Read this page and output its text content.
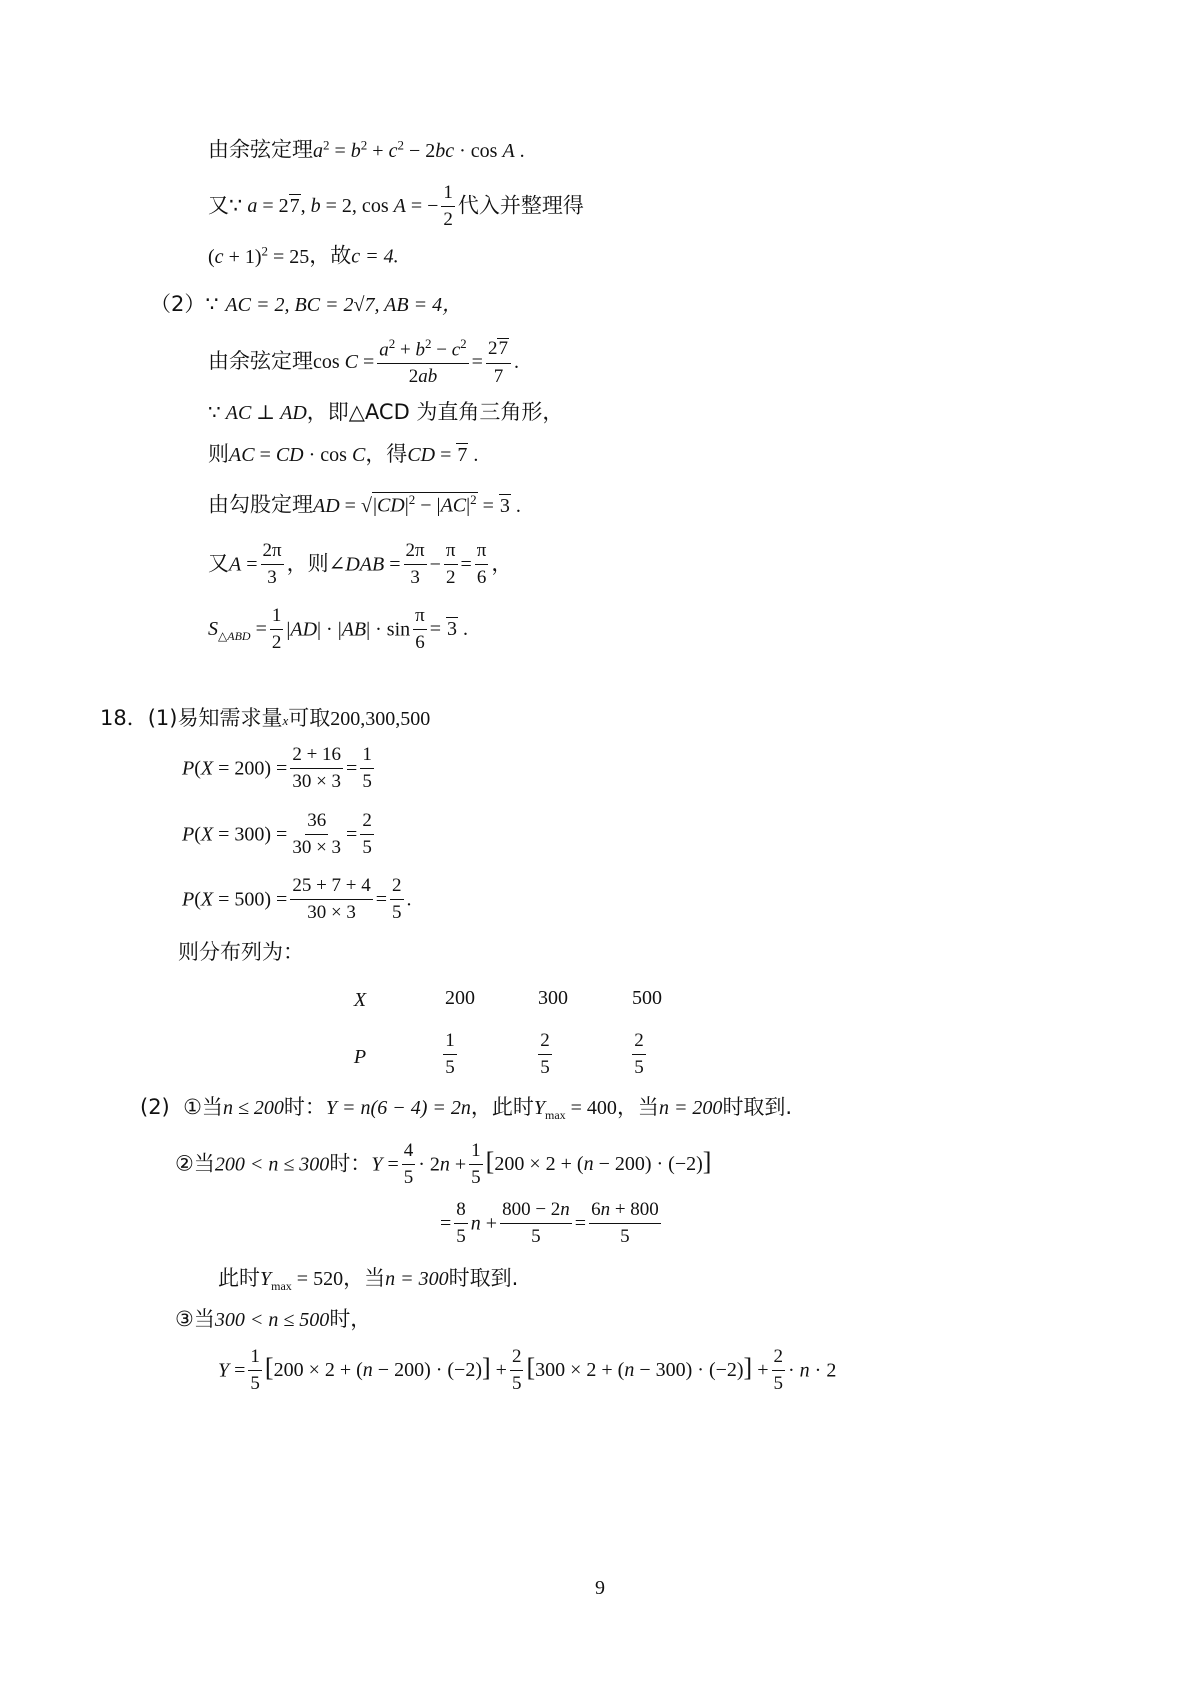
由余弦定理$a^2 = b^2 + c^2 - 2bc \cdot \cos A$ .
又∵ a = 27, b = 2, cos A = − $\frac{1}{2}$ 代入并整理得
$(c + 1)^2 = 25$，故c = 4.
（2）∵ AC = 2, BC = 2√7, AB = 4，
由余弦定理$\cos C = \frac{a^2 + b^2 - c^2}{2ab} = \frac{27}{7}$ .
∵ AC ⊥ AD，即△ACD 为直角三角形，
则AC = CD · cos C，得CD = 7 .
由勾股定理AD = $√|CD|^2 - |AC|^2 = 3$ .
又$A = \frac{2\pi}{3}$ ，则∠DAB = $\frac{2\pi}{3} - \frac{\pi}{2} = \frac{\pi}{6}$ ，
$S_{\triangle ABD} = \frac{1}{2} |AD| \cdot |AB| \cdot \sin \frac{\pi}{6} = 3$ .
18．(1)易知需求量x可取200,300,500
$P(X = 200) = \frac{2 + 16}{30 \times 3} = \frac{1}{5}$
$P(X = 300) = \frac{36}{30 \times 3} = \frac{2}{5}$
$P(X = 500) = \frac{25 + 7 + 4}{30 \times 3} = \frac{2}{5}$ .
则分布列为：
X	200	300	500
P	$\frac{1}{5}$	$\frac{2}{5}$	$\frac{2}{5}$
(2) ①当n ≤ 200时：Y = n(6 − 4) = 2n，此时$Y_{max} = 400$，当n = 200时取到.
②当200 < n ≤ 300时：$Y = \frac{4}{5} \cdot 2n + \frac{1}{5} [200 \times 2 + (n - 200) \cdot (-2)]$
= $\frac{8}{5}$ $n + \frac{800 - 2n}{5} = \frac{6n + 800}{5}$
此时$Y_{max} = 520$，当n = 300时取到.
③当300 < n ≤ 500时，
$Y = \frac{1}{5} [200 \times 2 + (n - 200) \cdot (-2)] + \frac{2}{5} [300 \times 2 + (n - 300) \cdot (-2)] + \frac{2}{5} \cdot n \cdot 2$
9
